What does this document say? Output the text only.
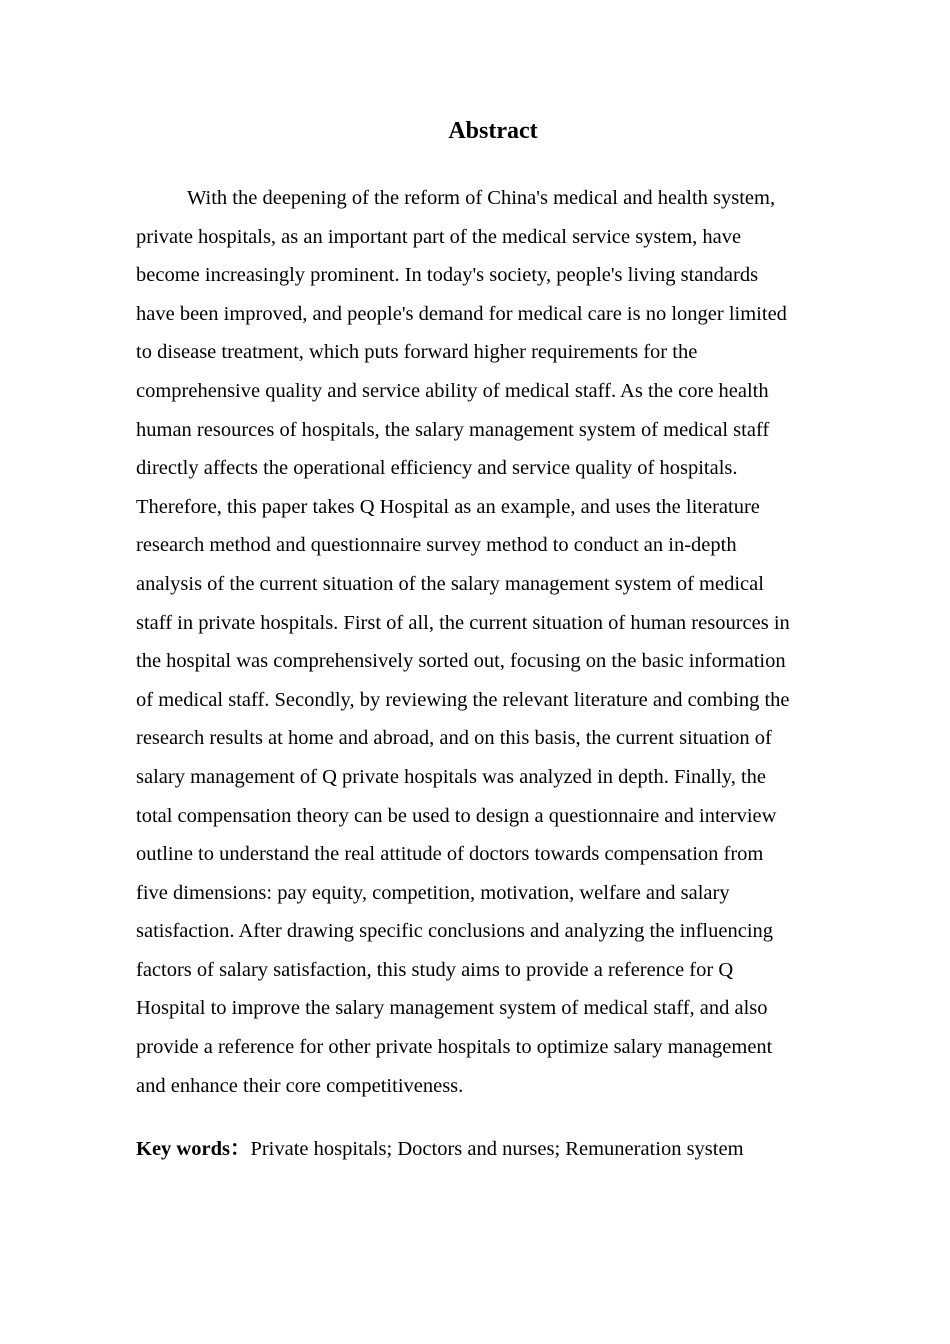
Abstract
With the deepening of the reform of China's medical and health system,
private hospitals, as an important part of the medical service system, have
become increasingly prominent. In today's society, people's living standards
have been improved, and people's demand for medical care is no longer limited
to disease treatment, which puts forward higher requirements for the
comprehensive quality and service ability of medical staff. As the core health
human resources of hospitals, the salary management system of medical staff
directly affects the operational efficiency and service quality of hospitals.
Therefore, this paper takes Q Hospital as an example, and uses the literature
research method and questionnaire survey method to conduct an in-depth
analysis of the current situation of the salary management system of medical
staff in private hospitals. First of all, the current situation of human resources in
the hospital was comprehensively sorted out, focusing on the basic information
of medical staff. Secondly, by reviewing the relevant literature and combing the
research results at home and abroad, and on this basis, the current situation of
salary management of Q private hospitals was analyzed in depth. Finally, the
total compensation theory can be used to design a questionnaire and interview
outline to understand the real attitude of doctors towards compensation from
five dimensions: pay equity, competition, motivation, welfare and salary
satisfaction. After drawing specific conclusions and analyzing the influencing
factors of salary satisfaction, this study aims to provide a reference for Q
Hospital to improve the salary management system of medical staff, and also
provide a reference for other private hospitals to optimize salary management
and enhance their core competitiveness.

Key words：Private hospitals; Doctors and nurses; Remuneration system
